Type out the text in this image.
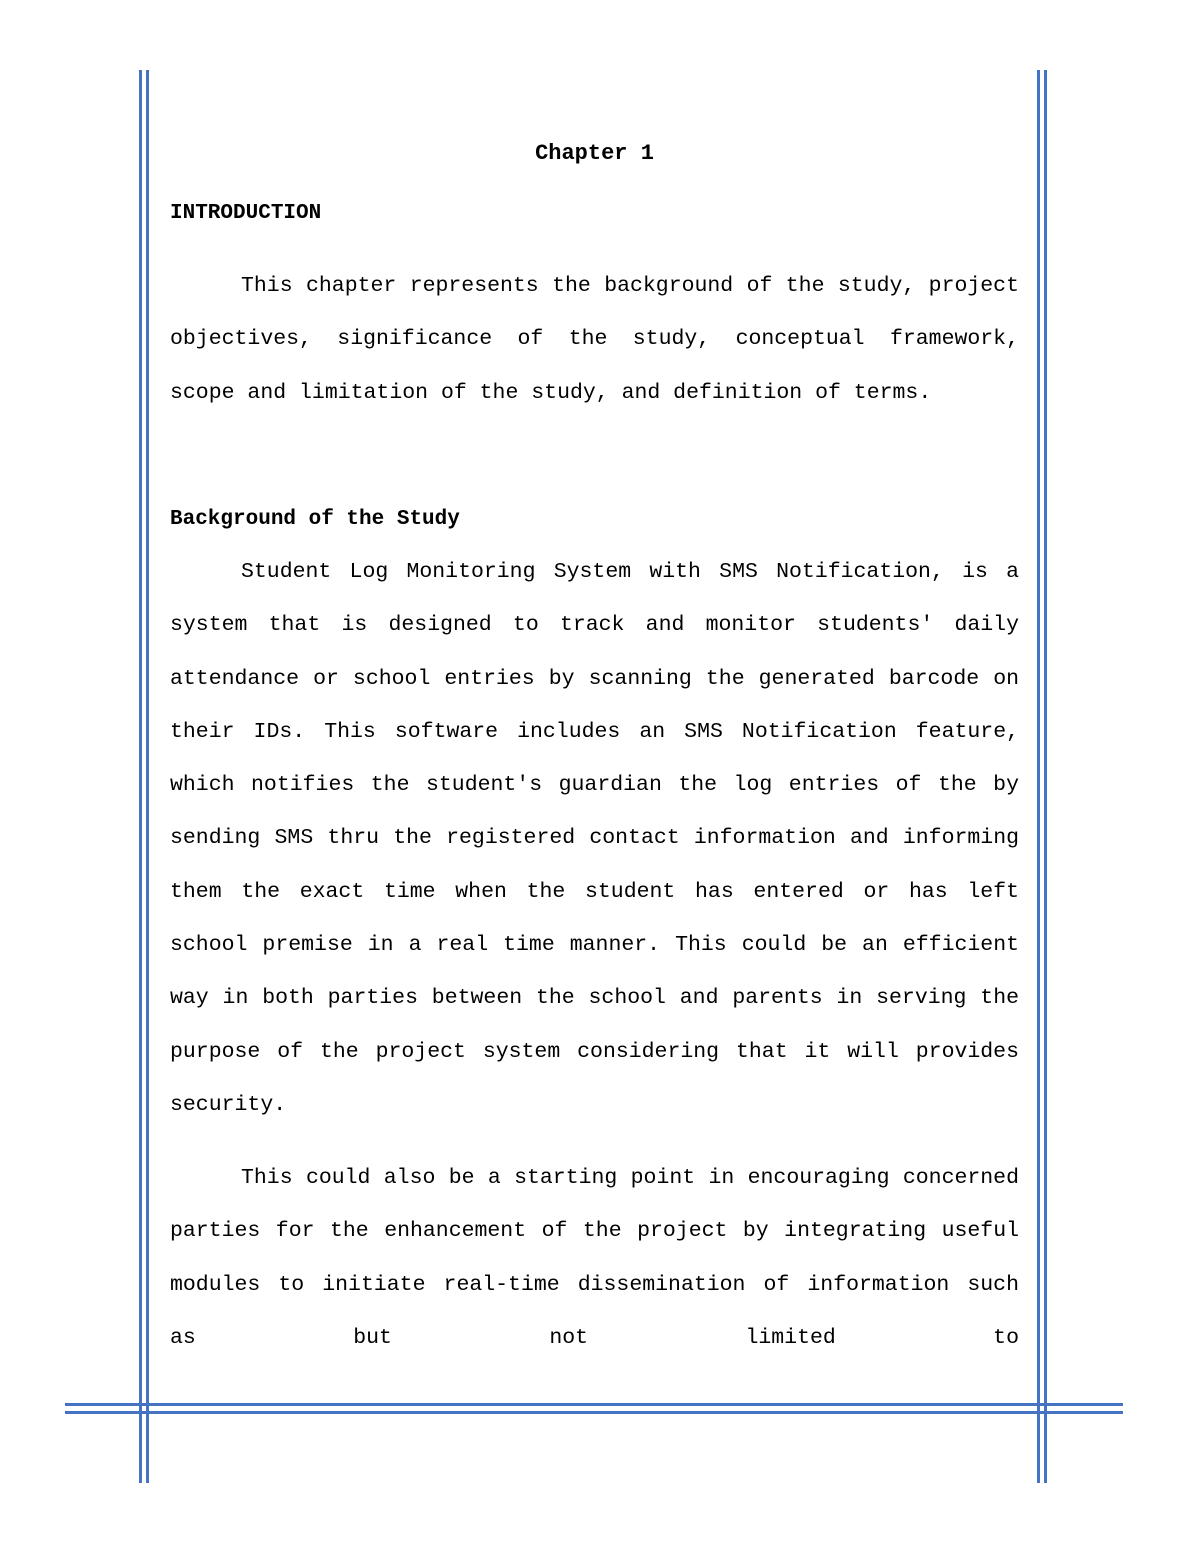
Chapter 1
INTRODUCTION

This chapter represents the background of the study, project objectives, significance of the study, conceptual framework, scope and limitation of the study, and definition of terms.

Background of the Study

Student Log Monitoring System with SMS Notification, is a system that is designed to track and monitor students' daily attendance or school entries by scanning the generated barcode on their IDs. This software includes an SMS Notification feature, which notifies the student's guardian the log entries of the by sending SMS thru the registered contact information and informing them the exact time when the student has entered or has left school premise in a real time manner. This could be an efficient way in both parties between the school and parents in serving the purpose of the project system considering that it will provides security.

This could also be a starting point in encouraging concerned parties for the enhancement of the project by integrating useful modules to initiate real-time dissemination of information such as but not limited to
